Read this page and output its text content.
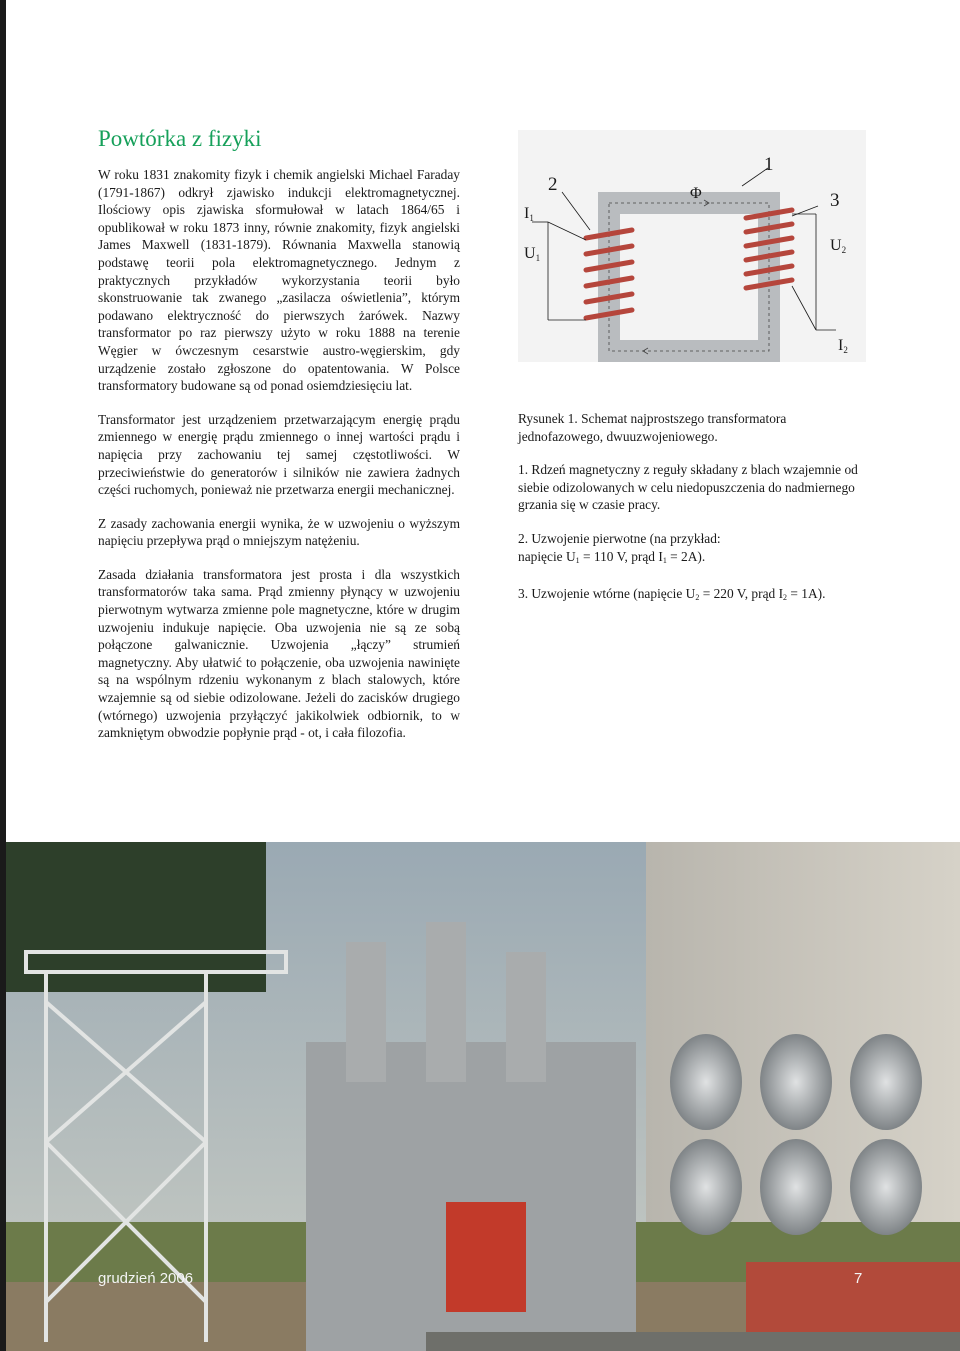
Powtórka z fizyki

W roku 1831 znakomity fizyk i chemik angielski Michael Faraday (1791-1867) odkrył zjawisko indukcji elektromagnetycznej. Ilościowy opis zjawiska sformułował w latach 1864/65 i opublikował w roku 1873 inny, równie znakomity, fizyk angielski James Maxwell (1831-1879). Równania Maxwella stanowią podstawę teorii pola elektromagnetycznego. Jednym z praktycznych przykładów wykorzystania teorii było skonstruowanie tak zwanego „zasilacza oświetlenia”, którym podawano elektryczność do pierwszych żarówek. Nazwy transformator po raz pierwszy użyto w roku 1888 na terenie Węgier w ówczesnym cesarstwie austro-węgierskim, gdy urządzenie zostało zgłoszone do opatentowania. W Polsce transformatory budowane są od ponad osiemdziesięciu lat.

Transformator jest urządzeniem przetwarzającym energię prądu zmiennego w energię prądu zmiennego o innej wartości prądu i napięcia przy zachowaniu tej samej częstotliwości. W przeciwieństwie do generatorów i silników nie zawiera żadnych części ruchomych, ponieważ nie przetwarza energii mechanicznej.

Z zasady zachowania energii wynika, że w uzwojeniu o wyższym napięciu przepływa prąd o mniejszym natężeniu.

Zasada działania transformatora jest prosta i dla wszystkich transformatorów taka sama. Prąd zmienny płynący w uzwojeniu pierwotnym wytwarza zmienne pole magnetyczne, które w drugim uzwojeniu indukuje napięcie. Oba uzwojenia nie są ze sobą połączone galwanicznie. Uzwojenia „łączy” strumień magnetyczny. Aby ułatwić to połączenie, oba uzwojenia nawinięte są na wspólnym rdzeniu wykonanym z blach stalowych, które wzajemnie są od siebie odizolowane. Jeżeli do zacisków drugiego (wtórnego) uzwojenia przyłączyć jakikolwiek odbiornik, to w zamkniętym obwodzie popłynie prąd - ot, i cała filozofia.

1
2
3
Φ
I1
U1
U2
I2

Rysunek 1. Schemat najprostszego transformatora jednofazowego, dwuuzwojeniowego.

1. Rdzeń magnetyczny z reguły składany z blach wzajemnie od siebie odizolowanych w celu niedopuszczenia do nadmiernego grzania się w czasie pracy.

2. Uzwojenie pierwotne (na przykład:
napięcie $U_1 = 110$ V, prąd $I_1 = 2A$).

3. Uzwojenie wtórne (napięcie $U_2 = 220$ V, prąd $I_2 = 1A$).

grudzień 2006	7
